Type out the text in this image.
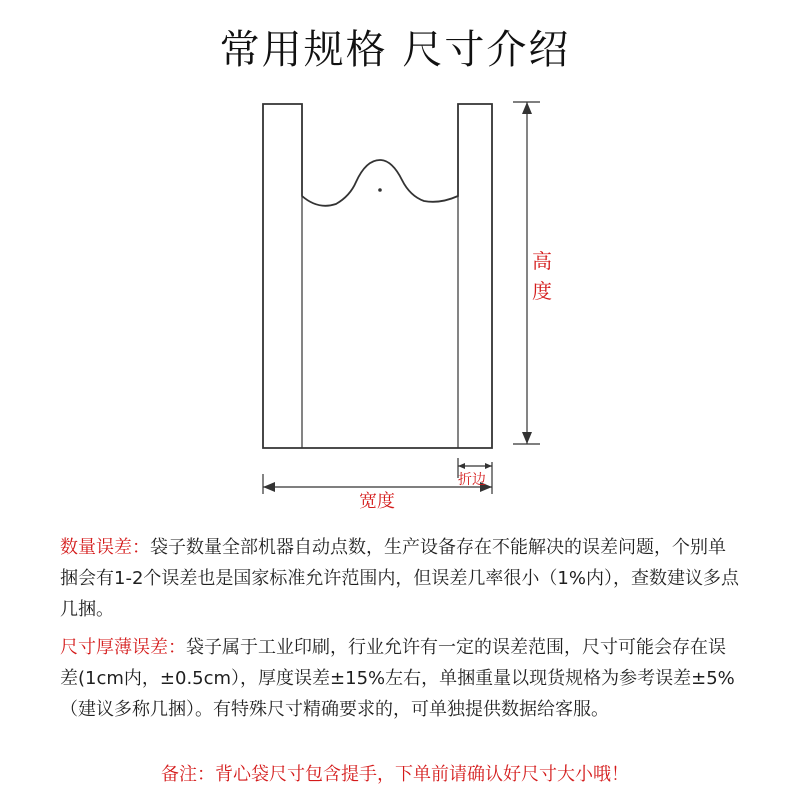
常用规格 尺寸介绍
高
度
宽度
折边
数量误差：袋子数量全部机器自动点数，生产设备存在不能解决的误差问题，个别单捆会有1-2个误差也是国家标准允许范围内，但误差几率很小（1%内），查数建议多点几捆。
尺寸厚薄误差：袋子属于工业印刷，行业允许有一定的误差范围，尺寸可能会存在误差(1cm内，±0.5cm），厚度误差±15%左右，单捆重量以现货规格为参考误差±5%（建议多称几捆）。有特殊尺寸精确要求的，可单独提供数据给客服。
备注：背心袋尺寸包含提手，下单前请确认好尺寸大小哦！
